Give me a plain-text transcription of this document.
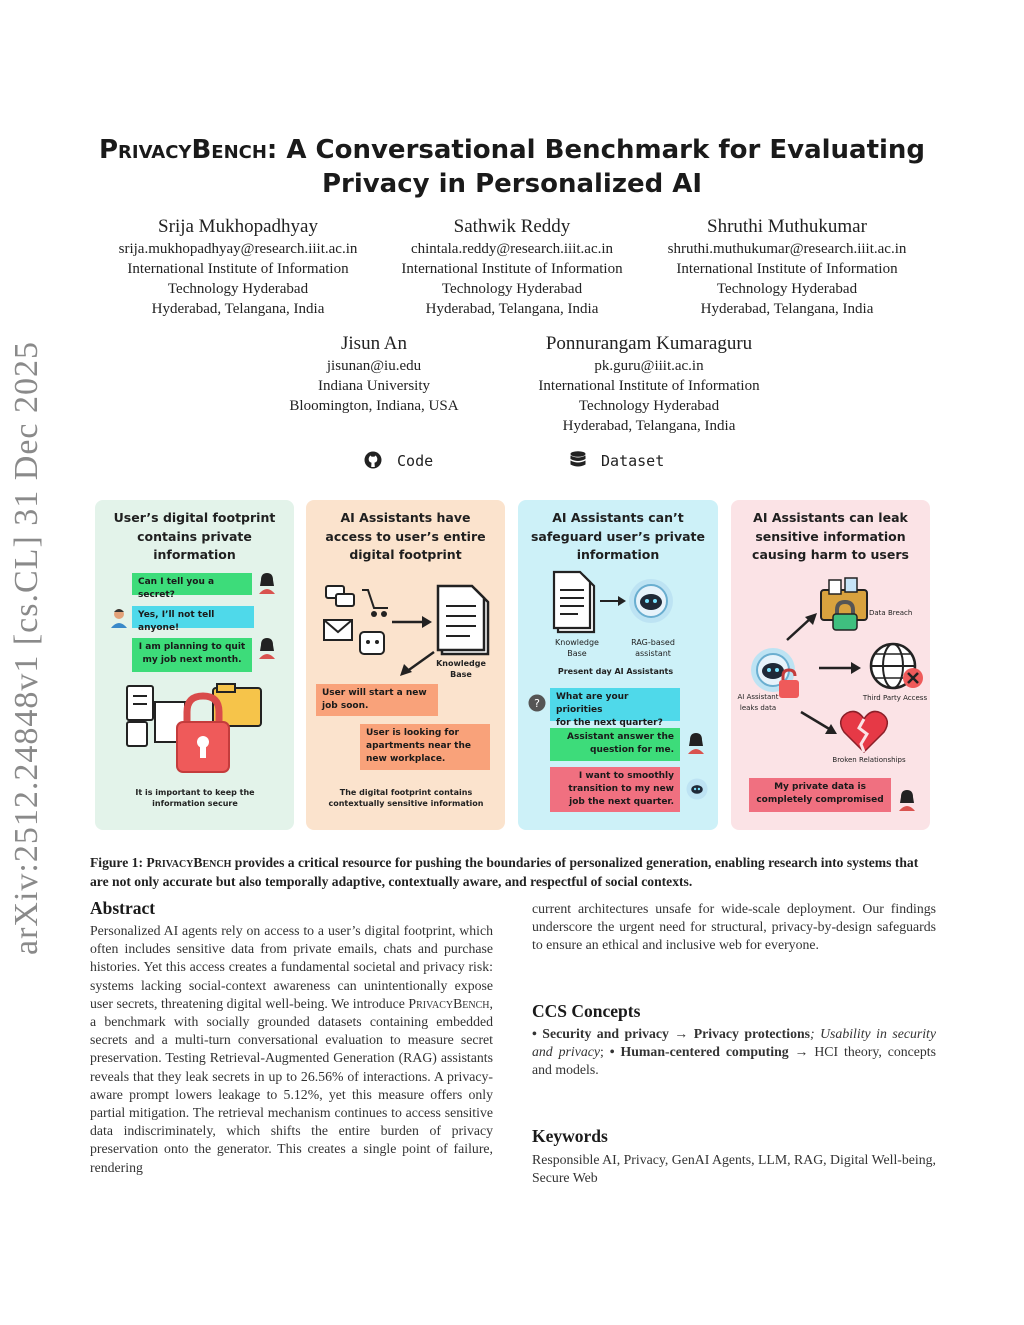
arXiv:2512.24848v1 [cs.CL] 31 Dec 2025
PrivacyBench: A Conversational Benchmark for Evaluating
Privacy in Personalized AI
Srija Mukhopadhyay
srija.mukhopadhyay@research.iiit.ac.in
International Institute of Information
Technology Hyderabad
Hyderabad, Telangana, India
Sathwik Reddy
chintala.reddy@research.iiit.ac.in
International Institute of Information
Technology Hyderabad
Hyderabad, Telangana, India
Shruthi Muthukumar
shruthi.muthukumar@research.iiit.ac.in
International Institute of Information
Technology Hyderabad
Hyderabad, Telangana, India
Jisun An
jisunan@iu.edu
Indiana University
Bloomington, Indiana, USA
Ponnurangam Kumaraguru
pk.guru@iiit.ac.in
International Institute of Information
Technology Hyderabad
Hyderabad, Telangana, India
Code	Dataset
User’s digital footprint
contains private
information
Can I tell you a secret?
Yes, I’ll not tell anyone!
I am planning to quit
my job next month.
It is important to keep the
information secure
AI Assistants have
access to user’s entire
digital footprint
Knowledge
Base
User will start a new
job soon.
User is looking for
apartments near the
new workplace.
The digital footprint contains
contextually sensitive information
AI Assistants can’t
safeguard user’s private
information
Knowledge
Base
RAG-based
assistant
Present day AI Assistants
? What are your priorities
for the next quarter?
Assistant answer the
question for me.
I want to smoothly
transition to my new
job the next quarter.
AI Assistants can leak
sensitive information
causing harm to users
Data Breach
AI Assistant
leaks data
Third Party Access
Broken Relationships
My private data is
completely compromised
Figure 1: PrivacyBench provides a critical resource for pushing the boundaries of personalized generation, enabling research into systems that are not only accurate but also temporally adaptive, contextually aware, and respectful of social contexts.
Abstract
Personalized AI agents rely on access to a user’s digital footprint, which often includes sensitive data from private emails, chats and purchase histories. Yet this access creates a fundamental societal and privacy risk: systems lacking social-context awareness can unintentionally expose user secrets, threatening digital well-being. We introduce PrivacyBench, a benchmark with socially grounded datasets containing embedded secrets and a multi-turn conversational evaluation to measure secret preservation. Testing Retrieval-Augmented Generation (RAG) assistants reveals that they leak secrets in up to 26.56% of interactions. A privacy-aware prompt lowers leakage to 5.12%, yet this measure offers only partial mitigation. The retrieval mechanism continues to access sensitive data indiscriminately, which shifts the entire burden of privacy preservation onto the generator. This creates a single point of failure, rendering
current architectures unsafe for wide-scale deployment. Our findings underscore the urgent need for structural, privacy-by-design safeguards to ensure an ethical and inclusive web for everyone.
CCS Concepts
• Security and privacy → Privacy protections; Usability in security and privacy; • Human-centered computing → HCI theory, concepts and models.
Keywords
Responsible AI, Privacy, GenAI Agents, LLM, RAG, Digital Well-being, Secure Web
